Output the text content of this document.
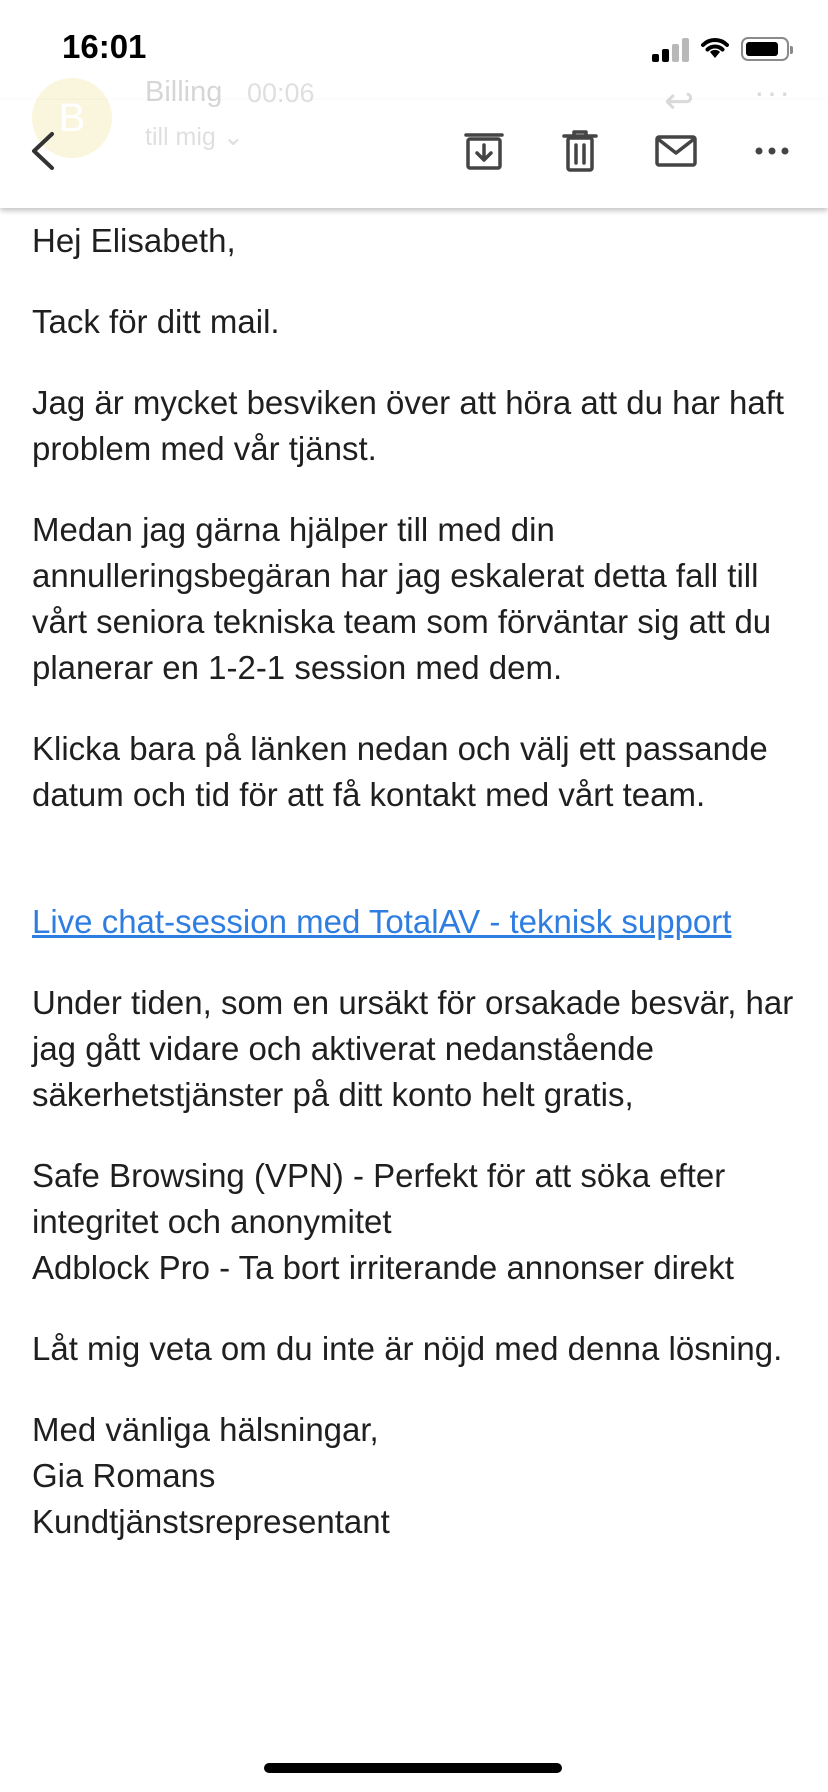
16:01
B
Billing 00:06
till mig ⌄
↩ ···

Hej Elisabeth,

Tack för ditt mail.

Jag är mycket besviken över att höra att du har haft problem med vår tjänst.

Medan jag gärna hjälper till med din annulleringsbegäran har jag eskalerat detta fall till vårt seniora tekniska team som förväntar sig att du planerar en 1-2-1 session med dem.

Klicka bara på länken nedan och välj ett passande datum och tid för att få kontakt med vårt team.

Live chat-session med TotalAV - teknisk support

Under tiden, som en ursäkt för orsakade besvär, har jag gått vidare och aktiverat nedanstående säkerhetstjänster på ditt konto helt gratis,

Safe Browsing (VPN) - Perfekt för att söka efter integritet och anonymitet
Adblock Pro - Ta bort irriterande annonser direkt

Låt mig veta om du inte är nöjd med denna lösning.

Med vänliga hälsningar,
Gia Romans
Kundtjänstsrepresentant
